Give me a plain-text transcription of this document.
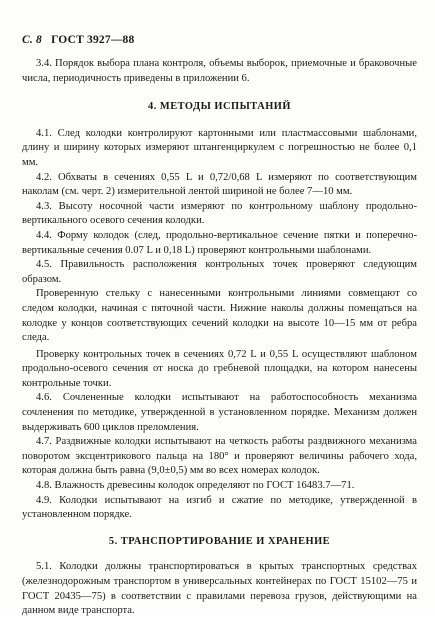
С. 8 ГОСТ 3927—88

3.4. Порядок выбора плана контроля, объемы выборок, приемочные и браковочные числа, периодичность приведены в приложении 6.

4. МЕТОДЫ ИСПЫТАНИЙ

4.1. След колодки контролируют картонными или пластмассовыми шаблонами, длину и ширину которых измеряют штангенциркулем с погрешностью не более 0,1 мм.

4.2. Обхваты в сечениях 0,55 L и 0,72/0,68 L измеряют по соответствующим наколам (см. черт. 2) измерительной лентой шириной не более 7—10 мм.

4.3. Высоту носочной части измеряют по контрольному шаблону продольно-вертикального осевого сечения колодки.

4.4. Форму колодок (след, продольно-вертикальное сечение пятки и поперечно-вертикальные сечения 0.07 L и 0,18 L) проверяют контрольными шаблонами.

4.5. Правильность расположения контрольных точек проверяют следующим образом.

Проверенную стельку с нанесенными контрольными линиями совмещают со следом колодки, начиная с пяточной части. Нижние наколы должны помещаться на колодке у концов соответствующих сечений колодки на высоте 10—15 мм от ребра следа.

Проверку контрольных точек в сечениях 0,72 L и 0,55 L осуществляют шаблоном продольно-осевого сечения от носка до гребневой площадки, на котором нанесены контрольные точки.

4.6. Сочлененные колодки испытывают на работоспособность механизма сочленения по методике, утвержденной в установленном порядке. Механизм должен выдерживать 600 циклов преломления.

4.7. Раздвижные колодки испытывают на четкость работы раздвижного механизма поворотом эксцентрикового пальца на 180° и проверяют величины рабочего хода, которая должна быть равна (9,0±0,5) мм во всех номерах колодок.

4.8. Влажность древесины колодок определяют по ГОСТ 16483.7—71.

4.9. Колодки испытывают на изгиб и сжатие по методике, утвержденной в установленном порядке.

5. ТРАНСПОРТИРОВАНИЕ И ХРАНЕНИЕ

5.1. Колодки должны транспортироваться в крытых транспортных средствах (железнодорожным транспортом в универсальных контейнерах по ГОСТ 15102—75 и ГОСТ 20435—75) в соответствии с правилами перевоза грузов, действующими на данном виде транспорта.
